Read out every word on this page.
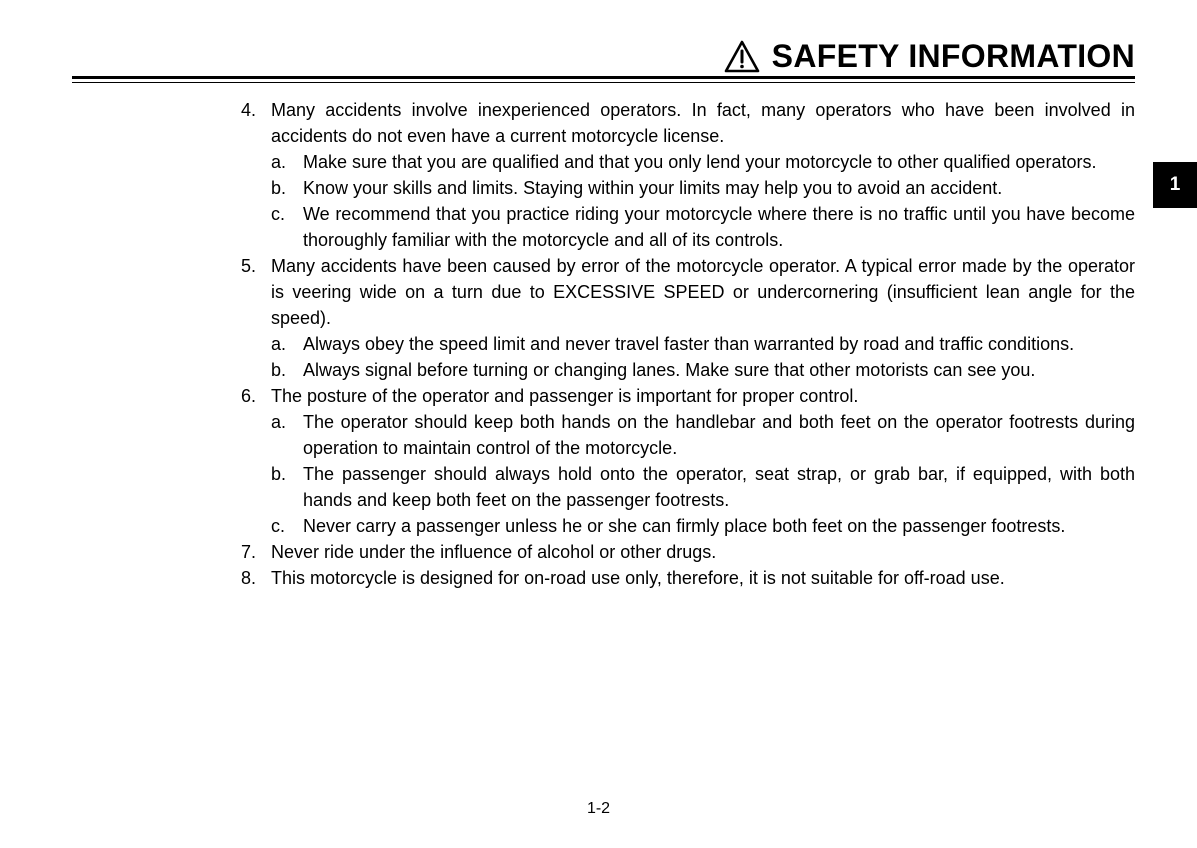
SAFETY INFORMATION
1
4. Many accidents involve inexperienced operators. In fact, many operators who have been involved in accidents do not even have a current motorcycle license.
a. Make sure that you are qualified and that you only lend your motorcycle to other qualified operators.
b. Know your skills and limits. Staying within your limits may help you to avoid an accident.
c. We recommend that you practice riding your motorcycle where there is no traffic until you have become thoroughly familiar with the motorcycle and all of its controls.
5. Many accidents have been caused by error of the motorcycle operator. A typical error made by the operator is veering wide on a turn due to EXCESSIVE SPEED or undercornering (insufficient lean angle for the speed).
a. Always obey the speed limit and never travel faster than warranted by road and traffic conditions.
b. Always signal before turning or changing lanes. Make sure that other motorists can see you.
6. The posture of the operator and passenger is important for proper control.
a. The operator should keep both hands on the handlebar and both feet on the operator footrests during operation to maintain control of the motorcycle.
b. The passenger should always hold onto the operator, seat strap, or grab bar, if equipped, with both hands and keep both feet on the passenger footrests.
c. Never carry a passenger unless he or she can firmly place both feet on the passenger footrests.
7. Never ride under the influence of alcohol or other drugs.
8. This motorcycle is designed for on-road use only, therefore, it is not suitable for off-road use.
1-2
